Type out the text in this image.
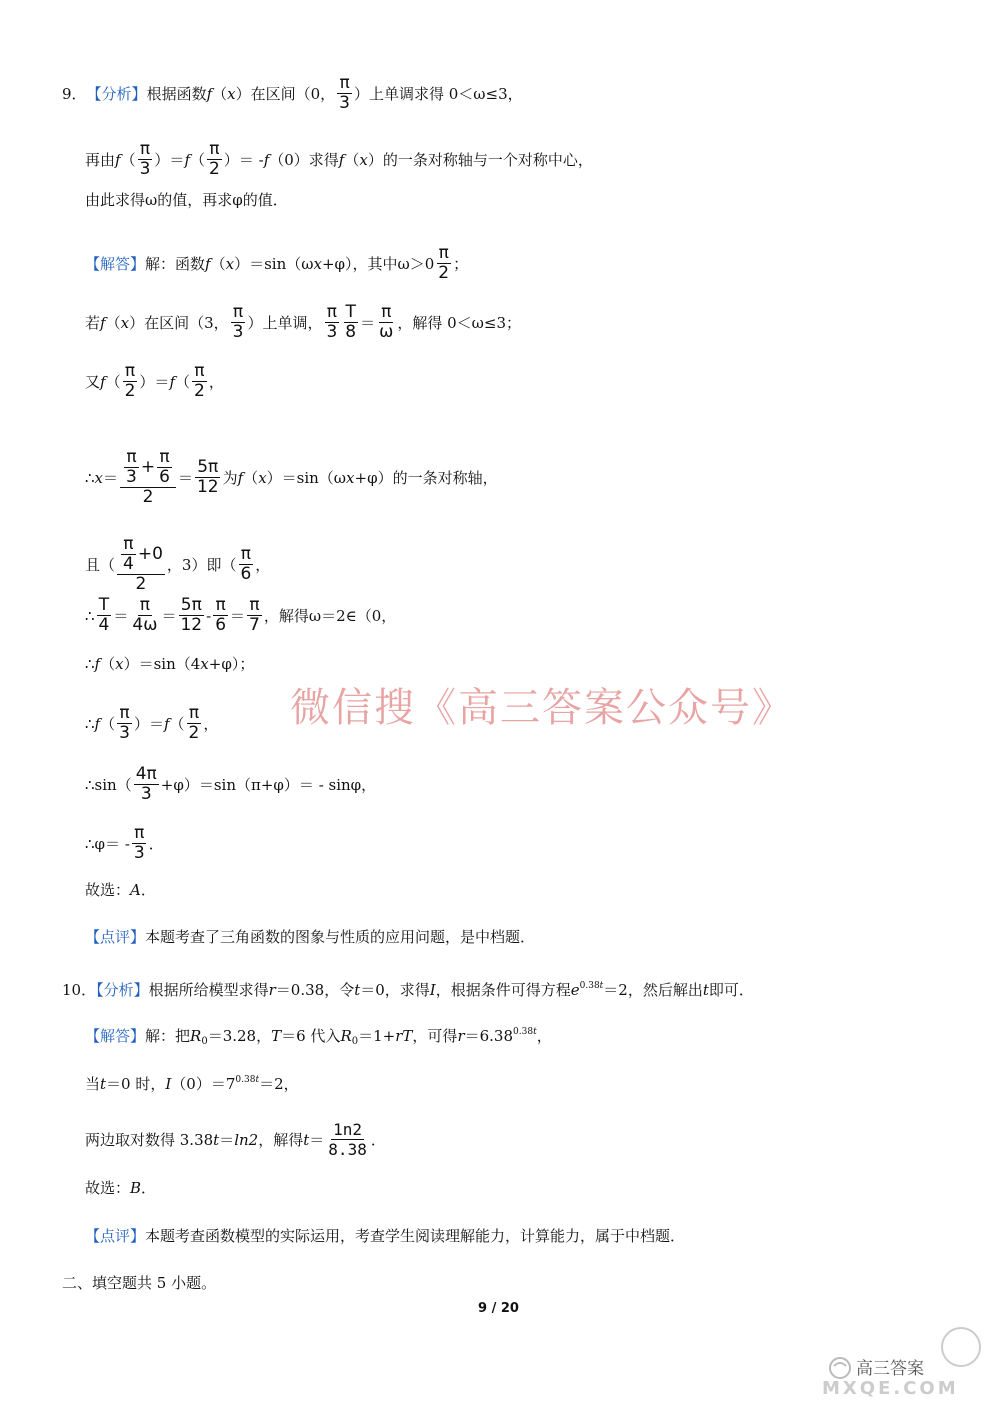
9． 【分析】 根据函数 f （ x ）在区间（0， $\frac{\pi}{3}$ ）上单调求得 0＜ω≤3，
再由 f （ $\frac{\pi}{3}$ ）＝ f （ $\frac{\pi}{2}$ ）＝ - f （0）求得 f （ x ）的一条对称轴与一个对称中心，
由此求得ω的值，再求φ的值．
【解答】 解：函数 f （ x ）＝sin（ω x +φ），其中$\omega>0 \frac{\pi}{2}$ ；
若 f （ x ）在区间（3， $\frac{\pi}{3}$ ）上单调， $\frac{\pi}{3} \frac{T}{8} = \frac{\pi}{\omega}$ ，解得 0＜ω≤3；
又 f （ $\frac{\pi}{2}$ ）＝ f （ $\frac{\pi}{2}$ ，
∴ $x = \frac{\frac{\pi}{3} + \frac{\pi}{6}}{2} = \frac{5\pi}{12}$ 为 f （ x ）＝sin（ω x +φ）的一条对称轴，
且（ $\frac{\frac{\pi}{4} +0}{2}$ ，3）即（ $\frac{\pi}{6}$ ，
∴ $\frac{T}{4} = \frac{\pi}{4\omega} = \frac{5\pi}{12} - \frac{\pi}{6} = \frac{\pi}{7}$ ，解得ω＝2∈（0，
∴ f （ x ）＝sin（4 x +φ）；
∴ f （ $\frac{\pi}{3}$ ）＝ f （ $\frac{\pi}{2}$ ，
∴sin（ $\frac{4\pi}{3} +\varphi)=\sin(\pi+\varphi)= - \sin\varphi$，
∴φ＝ - $\frac{\pi}{3}$ ．
故选：A．
【点评】本题考查了三角函数的图象与性质的应用问题，是中档题．
微信搜《高三答案公众号》
10．【分析】根据所给模型求得r＝0.38，令t＝0，求得I，根据条件可得方程$e^{0.38t}=2$，然后解出t即可．
【解答】解：把$R_0=3.28$，T＝6 代入$R_0=1+rT$，可得$r=6.38^{0.38t}$，
当t＝0 时，$I(0)=7^{0.38t}=2$，
两边取对数得 3.38 t ＝ ln2 ，解得 $t = \frac{1n2}{8.38}$ ．
故选：B．
【点评】本题考查函数模型的实际运用，考查学生阅读理解能力，计算能力，属于中档题．
二、填空题共 5 小题。
9 / 20
高三答案
MXQE.COM
